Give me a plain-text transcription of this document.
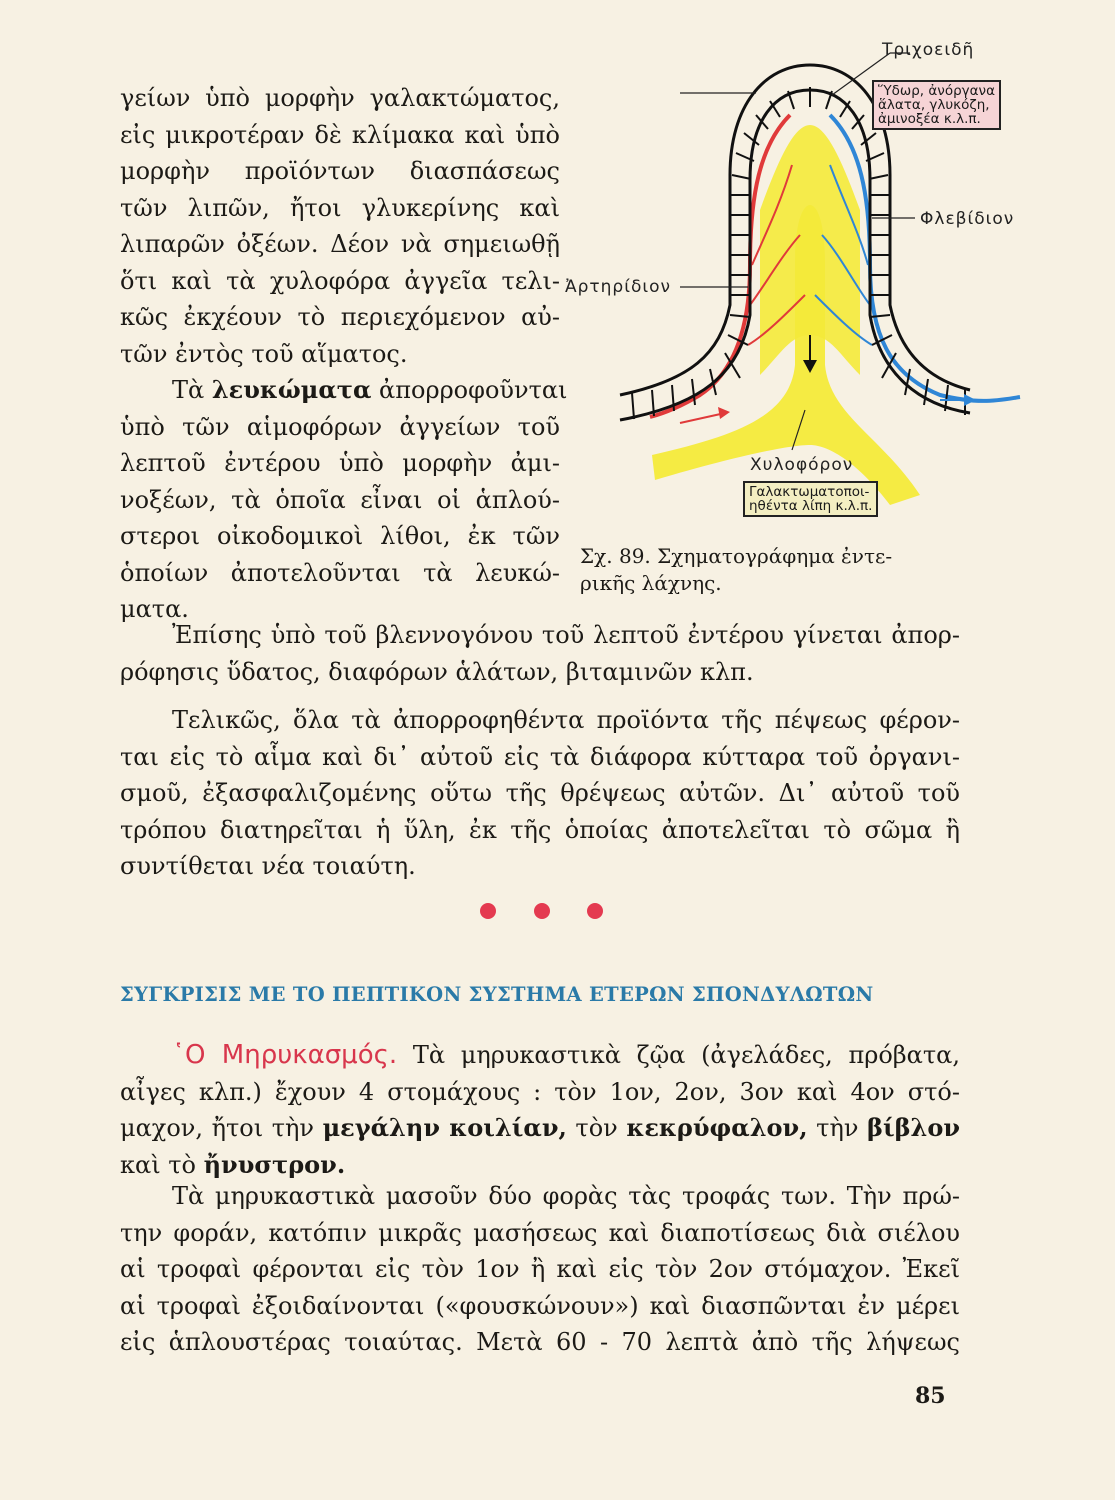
γείων ὑπὸ μορφὴν γαλακτώματος,
εἰς μικροτέραν δὲ κλίμακα καὶ ὑπὸ
μορφὴν προϊόντων διασπάσεως
τῶν λιπῶν, ἤτοι γλυκερίνης καὶ
λιπαρῶν ὀξέων. Δέον νὰ σημειωθῇ
ὅτι καὶ τὰ χυλοφόρα ἀγγεῖα τελι-
κῶς ἐκχέουν τὸ περιεχόμενον αὐ-
τῶν ἐντὸς τοῦ αἵματος.
Τὰ λευκώματα ἀπορροφοῦνται
ὑπὸ τῶν αἱμοφόρων ἀγγείων τοῦ
λεπτοῦ ἐντέρου ὑπὸ μορφὴν ἀμι-
νοξέων, τὰ ὁποῖα εἶναι οἱ ἁπλού-
στεροι οἰκοδομικοὶ λίθοι, ἐκ τῶν
ὁποίων ἀποτελοῦνται τὰ λευκώ-
ματα.
Τριχοειδῆ
Φλεβίδιον
Ἀρτηρίδιον
Χυλοφόρον
Ὕδωρ, ἀνόργανα
ἅλατα, γλυκόζη,
ἀμινοξέα κ.λ.π.
Γαλακτωματοποι-
ηθέντα λίπη κ.λ.π.
Σχ. 89. Σχηματογράφημα ἐντε-
ρικῆς λάχνης.
Ἐπίσης ὑπὸ τοῦ βλεννογόνου τοῦ λεπτοῦ ἐντέρου γίνεται ἀπορ-
ρόφησις ὕδατος, διαφόρων ἁλάτων, βιταμινῶν κλπ.
Τελικῶς, ὅλα τὰ ἀπορροφηθέντα προϊόντα τῆς πέψεως φέρον-
ται εἰς τὸ αἷμα καὶ δι᾿ αὐτοῦ εἰς τὰ διάφορα κύτταρα τοῦ ὀργανι-
σμοῦ, ἐξασφαλιζομένης οὕτω τῆς θρέψεως αὐτῶν. Δι᾿ αὐτοῦ τοῦ
τρόπου διατηρεῖται ἡ ὕλη, ἐκ τῆς ὁποίας ἀποτελεῖται τὸ σῶμα ἢ
συντίθεται νέα τοιαύτη.
ΣΥΓΚΡΙΣΙΣ ΜΕ ΤΟ ΠΕΠΤΙΚΟΝ ΣΥΣΤΗΜΑ ΕΤΕΡΩΝ ΣΠΟΝΔΥΛΩΤΩΝ
῾Ο Μηρυκασμός. Τὰ μηρυκαστικὰ ζῷα (ἀγελάδες, πρόβατα,
αἶγες κλπ.) ἔχουν 4 στομάχους : τὸν 1ον, 2ον, 3ον καὶ 4ον στό-
μαχον, ἤτοι τὴν μεγάλην κοιλίαν, τὸν κεκρύφαλον, τὴν βίβλον
καὶ τὸ ἤνυστρον.
Τὰ μηρυκαστικὰ μασοῦν δύο φορὰς τὰς τροφάς των. Τὴν πρώ-
την φοράν, κατόπιν μικρᾶς μασήσεως καὶ διαποτίσεως διὰ σιέλου
αἱ τροφαὶ φέρονται εἰς τὸν 1ον ἢ καὶ εἰς τὸν 2ον στόμαχον. Ἐκεῖ
αἱ τροφαὶ ἐξοιδαίνονται («φουσκώνουν») καὶ διασπῶνται ἐν μέρει
εἰς ἁπλουστέρας τοιαύτας. Μετὰ 60 - 70 λεπτὰ ἀπὸ τῆς λήψεως
85
